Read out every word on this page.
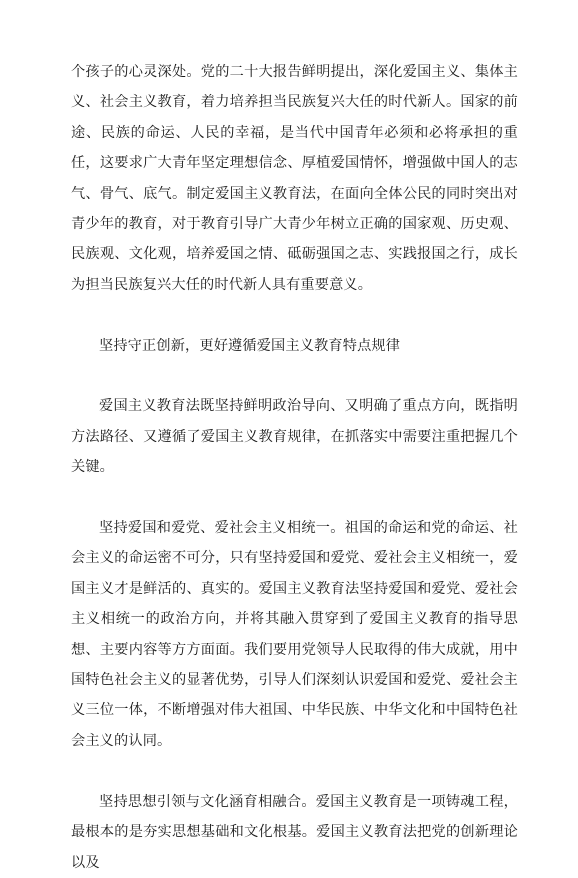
个孩子的心灵深处。党的二十大报告鲜明提出，深化爱国主义、集体主义、社会主义教育，着力培养担当民族复兴大任的时代新人。国家的前途、民族的命运、人民的幸福，是当代中国青年必须和必将承担的重任，这要求广大青年坚定理想信念、厚植爱国情怀，增强做中国人的志气、骨气、底气。制定爱国主义教育法，在面向全体公民的同时突出对青少年的教育，对于教育引导广大青少年树立正确的国家观、历史观、民族观、文化观，培养爱国之情、砥砺强国之志、实践报国之行，成长为担当民族复兴大任的时代新人具有重要意义。

坚持守正创新，更好遵循爱国主义教育特点规律

爱国主义教育法既坚持鲜明政治导向、又明确了重点方向，既指明方法路径、又遵循了爱国主义教育规律，在抓落实中需要注重把握几个关键。

坚持爱国和爱党、爱社会主义相统一。祖国的命运和党的命运、社会主义的命运密不可分，只有坚持爱国和爱党、爱社会主义相统一，爱国主义才是鲜活的、真实的。爱国主义教育法坚持爱国和爱党、爱社会主义相统一的政治方向，并将其融入贯穿到了爱国主义教育的指导思想、主要内容等方方面面。我们要用党领导人民取得的伟大成就，用中国特色社会主义的显著优势，引导人们深刻认识爱国和爱党、爱社会主义三位一体，不断增强对伟大祖国、中华民族、中华文化和中国特色社会主义的认同。

坚持思想引领与文化涵育相融合。爱国主义教育是一项铸魂工程，最根本的是夯实思想基础和文化根基。爱国主义教育法把党的创新理论以及
